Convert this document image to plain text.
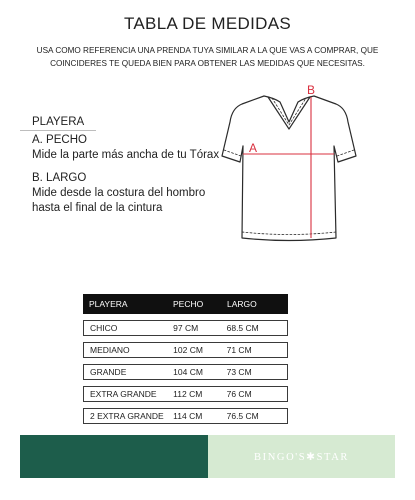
TABLA DE MEDIDAS
USA COMO REFERENCIA UNA PRENDA TUYA SIMILAR A LA QUE VAS A COMPRAR, QUE
COINCIDERES TE QUEDA BIEN PARA OBTENER LAS MEDIDAS QUE NECESITAS.
PLAYERA
A. PECHO
Mide la parte más ancha de tu Tórax
B. LARGO
Mide desde la costura del hombro
hasta el final de la cintura
A
B
PLAYERA	PECHO	LARGO
CHICO	97 CM	68.5 CM
MEDIANO	102 CM	71 CM
GRANDE	104 CM	73 CM
EXTRA GRANDE	112 CM	76 CM
2 EXTRA GRANDE	114 CM	76.5 CM
BINGO'S✱STAR
